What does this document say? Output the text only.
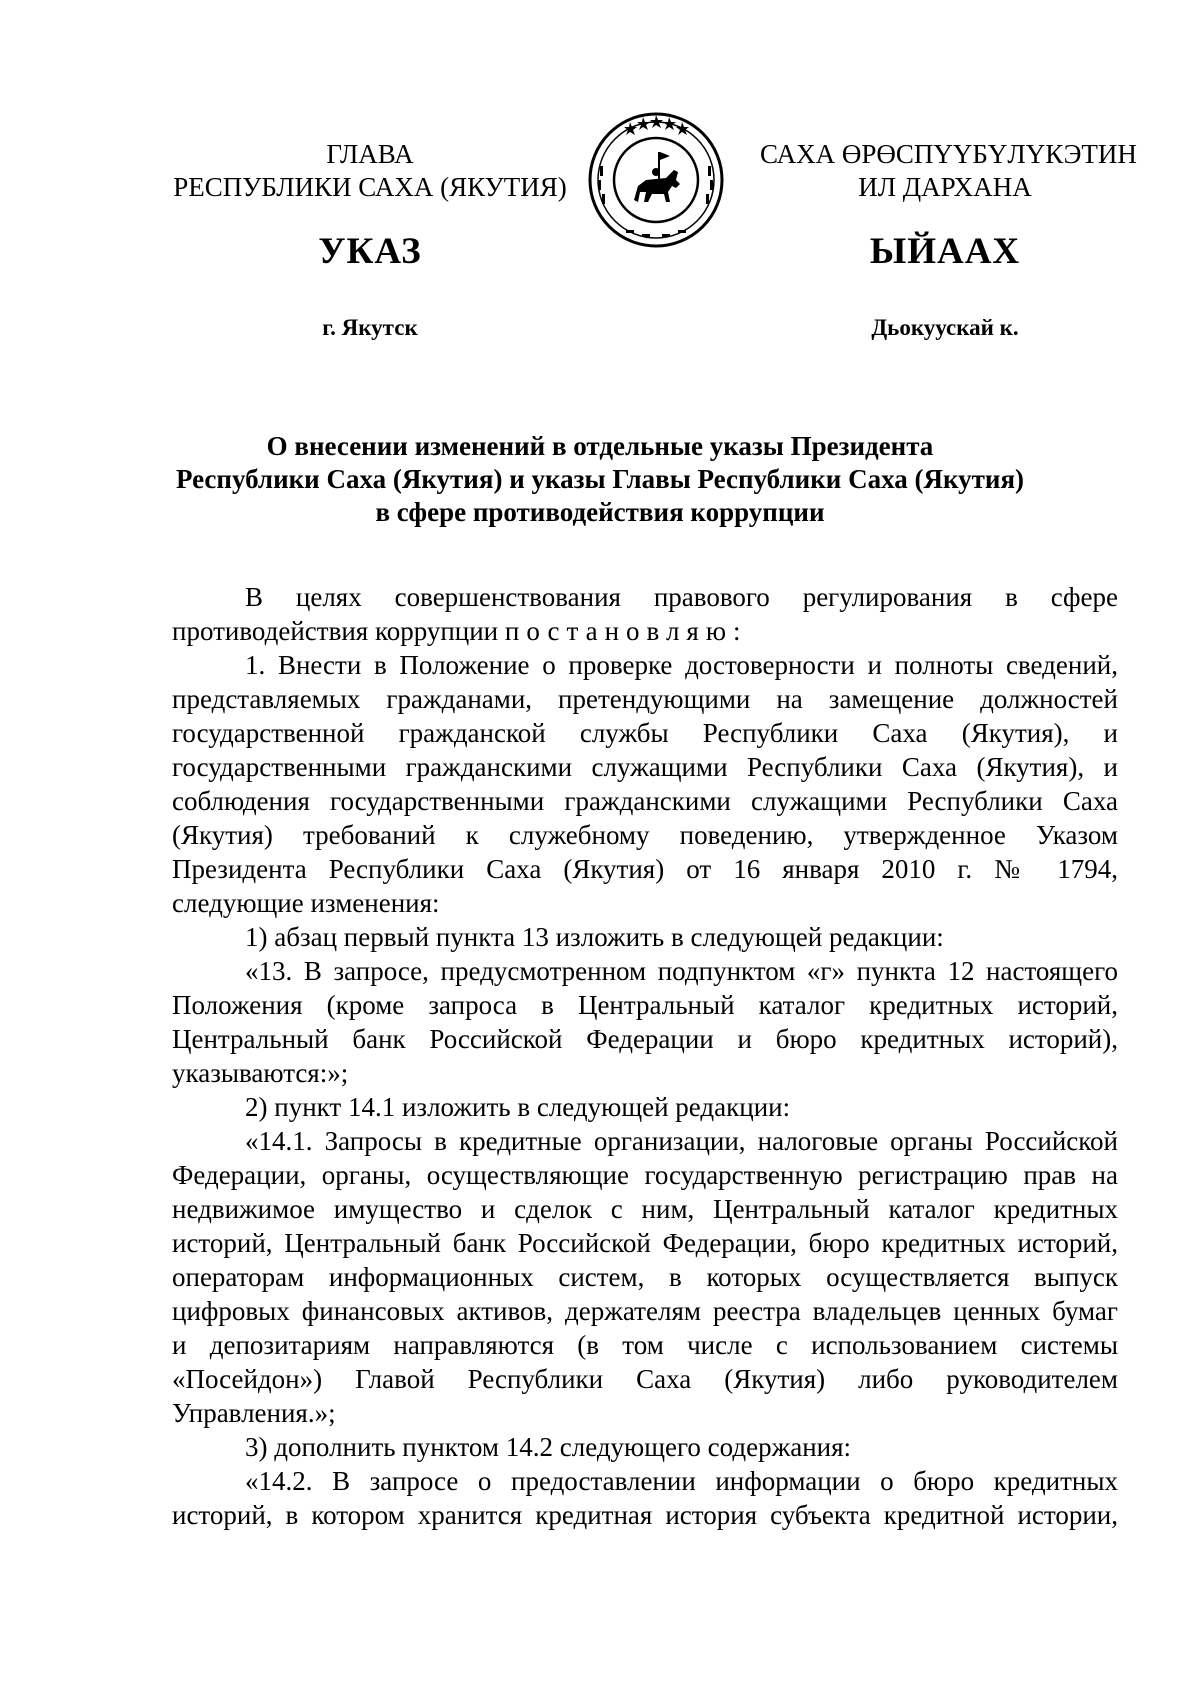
ГЛАВА
РЕСПУБЛИКИ САХА (ЯКУТИЯ)
САХА ӨРӨСПҮҮБҮЛҮКЭТИН
ИЛ ДАРХАНА
УКАЗ	ЫЙААХ
г. Якутск	Дьокуускай к.
О внесении изменений в отдельные указы Президента
Республики Саха (Якутия) и указы Главы Республики Саха (Якутия)
в сфере противодействия коррупции
В целях совершенствования правового регулирования в сфере
противодействия коррупции постановляю:
1. Внести в Положение о проверке достоверности и полноты сведений,
представляемых гражданами, претендующими на замещение должностей
государственной гражданской службы Республики Саха (Якутия), и
государственными гражданскими служащими Республики Саха (Якутия), и
соблюдения государственными гражданскими служащими Республики Саха
(Якутия) требований к служебному поведению, утвержденное Указом
Президента Республики Саха (Якутия) от 16 января 2010 г. № 1794,
следующие изменения:
1) абзац первый пункта 13 изложить в следующей редакции:
«13. В запросе, предусмотренном подпунктом «г» пункта 12 настоящего
Положения (кроме запроса в Центральный каталог кредитных историй,
Центральный банк Российской Федерации и бюро кредитных историй),
указываются:»;
2) пункт 14.1 изложить в следующей редакции:
«14.1. Запросы в кредитные организации, налоговые органы Российской
Федерации, органы, осуществляющие государственную регистрацию прав на
недвижимое имущество и сделок с ним, Центральный каталог кредитных
историй, Центральный банк Российской Федерации, бюро кредитных историй,
операторам информационных систем, в которых осуществляется выпуск
цифровых финансовых активов, держателям реестра владельцев ценных бумаг
и депозитариям направляются (в том числе с использованием системы
«Посейдон») Главой Республики Саха (Якутия) либо руководителем
Управления.»;
3) дополнить пунктом 14.2 следующего содержания:
«14.2. В запросе о предоставлении информации о бюро кредитных
историй, в котором хранится кредитная история субъекта кредитной истории,
